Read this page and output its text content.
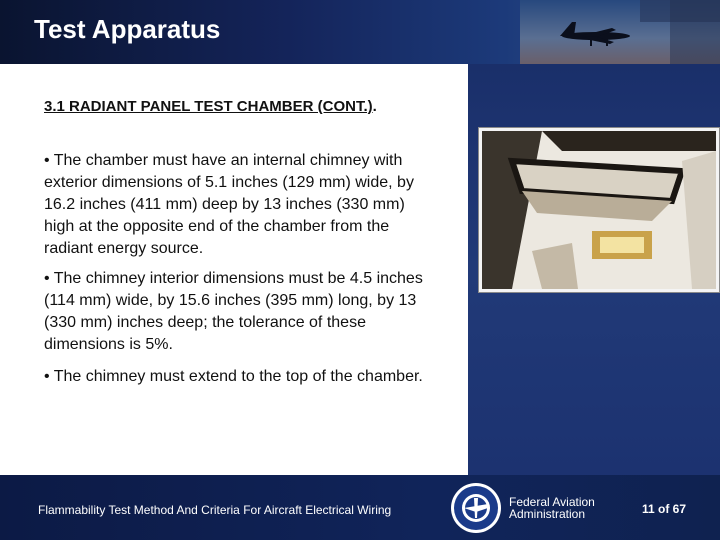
Test Apparatus

3.1 RADIANT PANEL TEST CHAMBER (CONT.).

• The chamber must have an internal chimney with exterior dimensions of 5.1 inches (129 mm) wide, by 16.2 inches (411 mm) deep by 13 inches (330 mm) high at the opposite end of the chamber from the radiant energy source.

• The chimney interior dimensions must be 4.5 inches (114 mm) wide, by 15.6 inches (395 mm) long, by 13 (330 mm) inches deep; the tolerance of these dimensions is 5%.

• The chimney must extend to the top of the chamber.

Flammability Test Method And Criteria For Aircraft Electrical Wiring

Federal Aviation
Administration	11 of 67
